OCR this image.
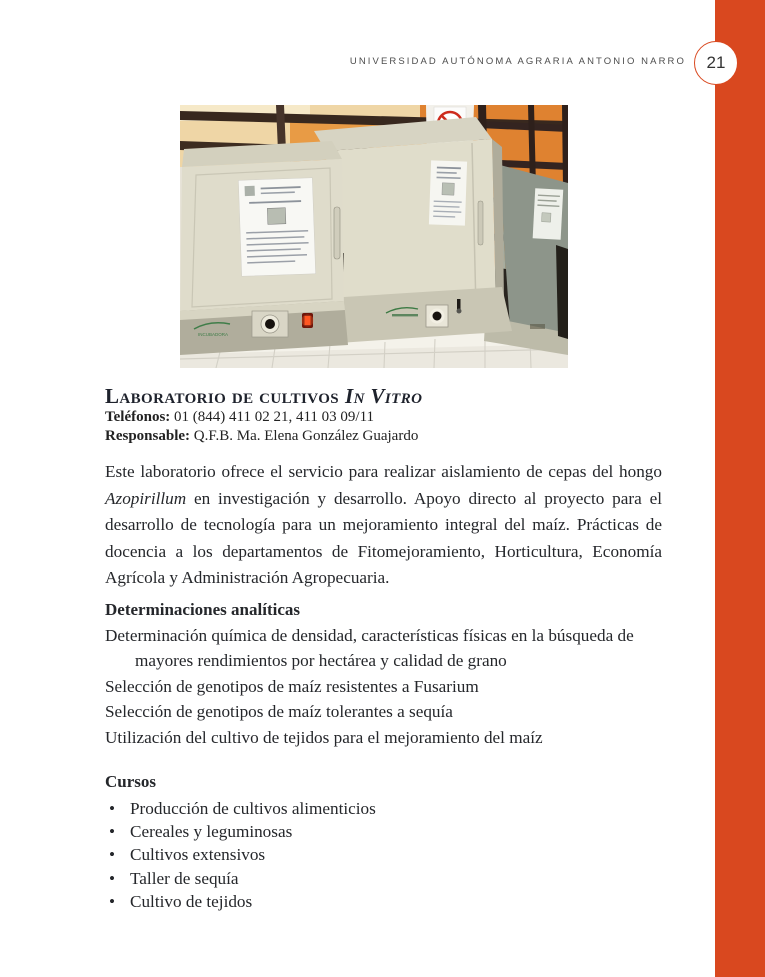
UNIVERSIDAD AUTÓNOMA AGRARIA ANTONIO NARRO 21
INCUBADORA
Laboratorio de cultivos In Vitro
Teléfonos: 01 (844) 411 02 21, 411 03 09/11
Responsable: Q.F.B. Ma. Elena González Guajardo

Este laboratorio ofrece el servicio para realizar aislamiento de cepas del hongo Azopirillum en investigación y desarrollo. Apoyo directo al proyecto para el desarrollo de tecnología para un mejoramiento integral del maíz. Prácticas de docencia a los departamentos de Fitomejoramiento, Horticultura, Economía Agrícola y Administración Agropecuaria.

Determinaciones analíticas
Determinación química de densidad, características físicas en la búsqueda de mayores rendimientos por hectárea y calidad de grano
Selección de genotipos de maíz resistentes a Fusarium
Selección de genotipos de maíz tolerantes a sequía
Utilización del cultivo de tejidos para el mejoramiento del maíz
Cursos
• Producción de cultivos alimenticios
• Cereales y leguminosas
• Cultivos extensivos
• Taller de sequía
• Cultivo de tejidos
